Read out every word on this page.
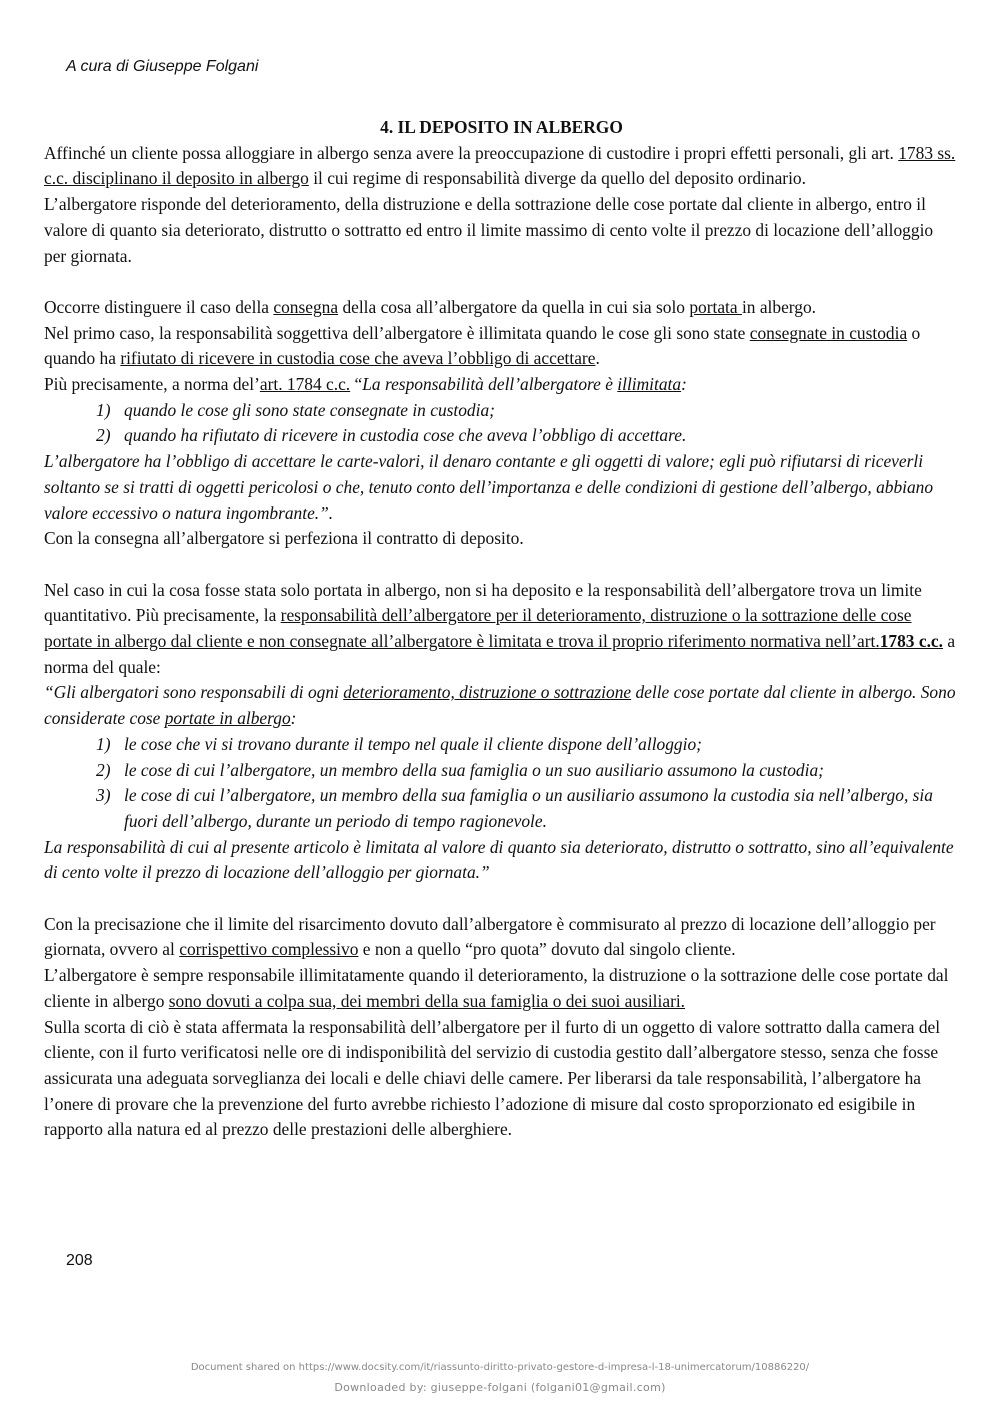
A cura di Giuseppe Folgani

4. IL DEPOSITO IN ALBERGO

Affinché un cliente possa alloggiare in albergo senza avere la preoccupazione di custodire i propri effetti personali, gli art. 1783 ss. c.c. disciplinano il deposito in albergo il cui regime di responsabilità diverge da quello del deposito ordinario.

L’albergatore risponde del deterioramento, della distruzione e della sottrazione delle cose portate dal cliente in albergo, entro il valore di quanto sia deteriorato, distrutto o sottratto ed entro il limite massimo di cento volte il prezzo di locazione dell’alloggio per giornata.

Occorre distinguere il caso della consegna della cosa all’albergatore da quella in cui sia solo portata in albergo.

Nel primo caso, la responsabilità soggettiva dell’albergatore è illimitata quando le cose gli sono state consegnate in custodia o quando ha rifiutato di ricevere in custodia cose che aveva l’obbligo di accettare.

Più precisamente, a norma del’art. 1784 c.c. “La responsabilità dell’albergatore è illimitata:

1) quando le cose gli sono state consegnate in custodia;
2) quando ha rifiutato di ricevere in custodia cose che aveva l’obbligo di accettare.

L’albergatore ha l’obbligo di accettare le carte-valori, il denaro contante e gli oggetti di valore; egli può rifiutarsi di riceverli soltanto se si tratti di oggetti pericolosi o che, tenuto conto dell’importanza e delle condizioni di gestione dell’albergo, abbiano valore eccessivo o natura ingombrante.”.

Con la consegna all’albergatore si perfeziona il contratto di deposito.

Nel caso in cui la cosa fosse stata solo portata in albergo, non si ha deposito e la responsabilità dell’albergatore trova un limite quantitativo. Più precisamente, la responsabilità dell’albergatore per il deterioramento, distruzione o la sottrazione delle cose portate in albergo dal cliente e non consegnate all’albergatore è limitata e trova il proprio riferimento normativa nell’art.1783 c.c. a norma del quale:

“Gli albergatori sono responsabili di ogni deterioramento, distruzione o sottrazione delle cose portate dal cliente in albergo. Sono considerate cose portate in albergo:

1) le cose che vi si trovano durante il tempo nel quale il cliente dispone dell’alloggio;
2) le cose di cui l’albergatore, un membro della sua famiglia o un suo ausiliario assumono la custodia;
3) le cose di cui l’albergatore, un membro della sua famiglia o un ausiliario assumono la custodia sia nell’albergo, sia fuori dell’albergo, durante un periodo di tempo ragionevole.

La responsabilità di cui al presente articolo è limitata al valore di quanto sia deteriorato, distrutto o sottratto, sino all’equivalente di cento volte il prezzo di locazione dell’alloggio per giornata.”

Con la precisazione che il limite del risarcimento dovuto dall’albergatore è commisurato al prezzo di locazione dell’alloggio per giornata, ovvero al corrispettivo complessivo e non a quello “pro quota” dovuto dal singolo cliente.

L’albergatore è sempre responsabile illimitatamente quando il deterioramento, la distruzione o la sottrazione delle cose portate dal cliente in albergo sono dovuti a colpa sua, dei membri della sua famiglia o dei suoi ausiliari.

Sulla scorta di ciò è stata affermata la responsabilità dell’albergatore per il furto di un oggetto di valore sottratto dalla camera del cliente, con il furto verificatosi nelle ore di indisponibilità del servizio di custodia gestito dall’albergatore stesso, senza che fosse assicurata una adeguata sorveglianza dei locali e delle chiavi delle camere. Per liberarsi da tale responsabilità, l’albergatore ha l’onere di provare che la prevenzione del furto avrebbe richiesto l’adozione di misure dal costo sproporzionato ed esigibile in rapporto alla natura ed al prezzo delle prestazioni delle alberghiere.

208
Document shared on https://www.docsity.com/it/riassunto-diritto-privato-gestore-d-impresa-l-18-unimercatorum/10886220/
Downloaded by: giuseppe-folgani (folgani01@gmail.com)
